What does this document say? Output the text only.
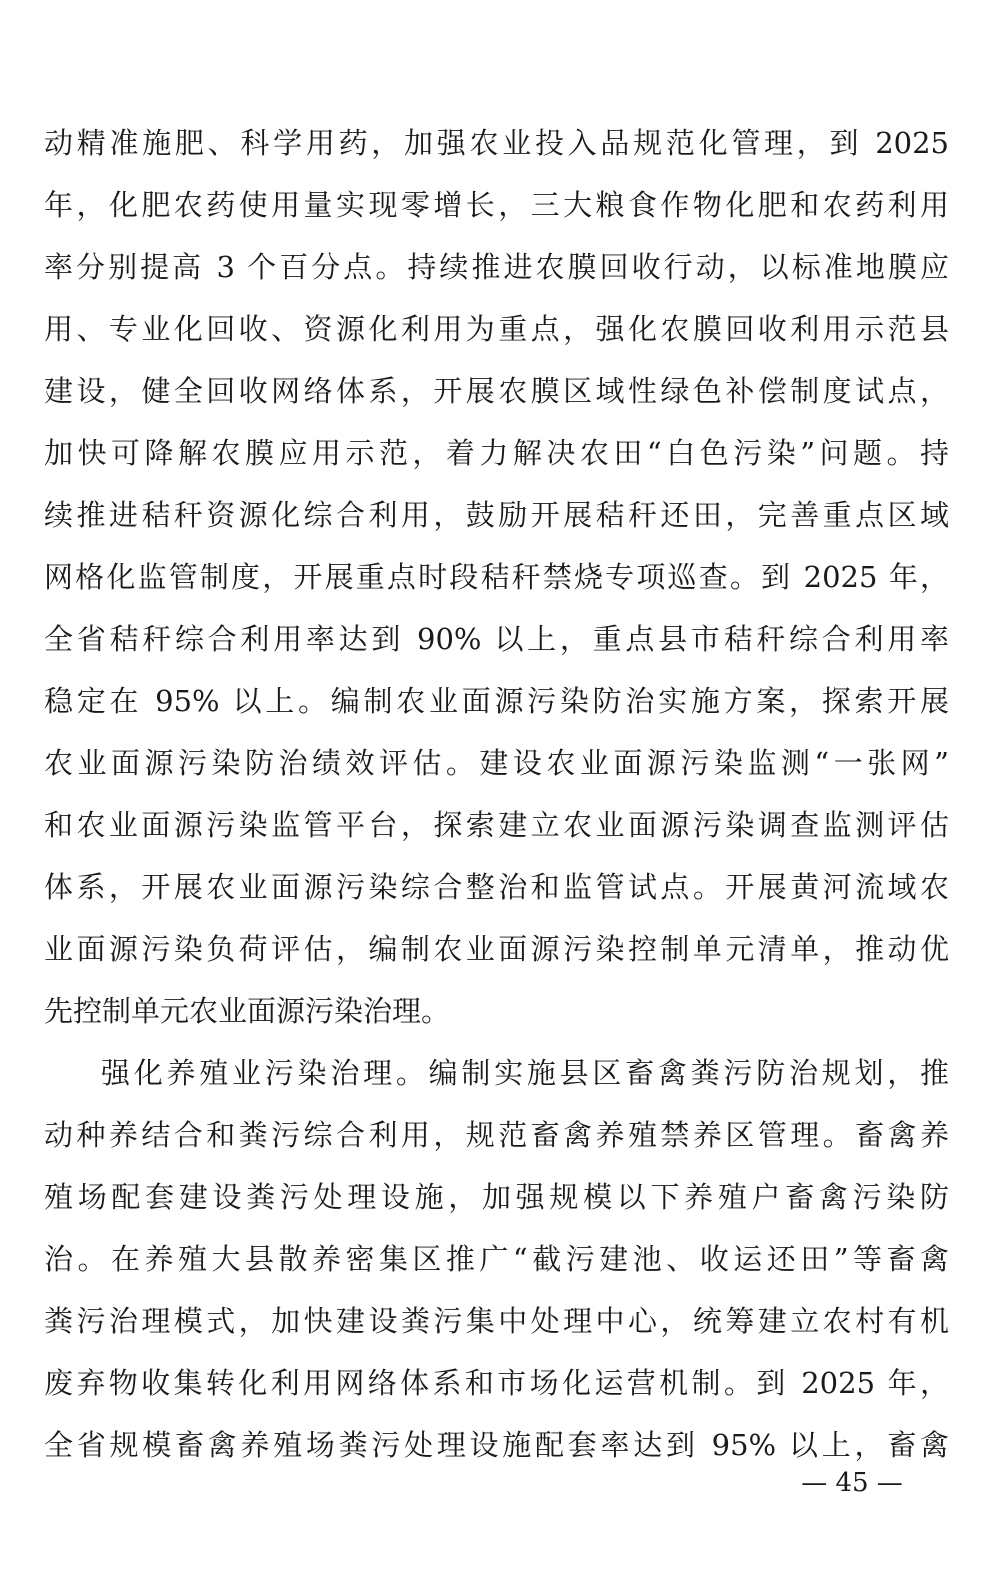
动精准施肥、科学用药，加强农业投入品规范化管理，到 2025
年，化肥农药使用量实现零增长，三大粮食作物化肥和农药利用
率分别提高 3 个百分点。持续推进农膜回收行动，以标准地膜应
用、专业化回收、资源化利用为重点，强化农膜回收利用示范县
建设，健全回收网络体系，开展农膜区域性绿色补偿制度试点，
加快可降解农膜应用示范，着力解决农田“白色污染”问题。持
续推进秸秆资源化综合利用，鼓励开展秸秆还田，完善重点区域
网格化监管制度，开展重点时段秸秆禁烧专项巡查。到 2025 年，
全省秸秆综合利用率达到 90% 以上，重点县市秸秆综合利用率
稳定在 95% 以上。编制农业面源污染防治实施方案，探索开展
农业面源污染防治绩效评估。建设农业面源污染监测“一张网”
和农业面源污染监管平台，探索建立农业面源污染调查监测评估
体系，开展农业面源污染综合整治和监管试点。开展黄河流域农
业面源污染负荷评估，编制农业面源污染控制单元清单，推动优
先控制单元农业面源污染治理。
强化养殖业污染治理。编制实施县区畜禽粪污防治规划，推
动种养结合和粪污综合利用，规范畜禽养殖禁养区管理。畜禽养
殖场配套建设粪污处理设施，加强规模以下养殖户畜禽污染防
治。在养殖大县散养密集区推广“截污建池、收运还田”等畜禽
粪污治理模式，加快建设粪污集中处理中心，统筹建立农村有机
废弃物收集转化利用网络体系和市场化运营机制。到 2025 年，
全省规模畜禽养殖场粪污处理设施配套率达到 95% 以上，畜禽
— 45 —
